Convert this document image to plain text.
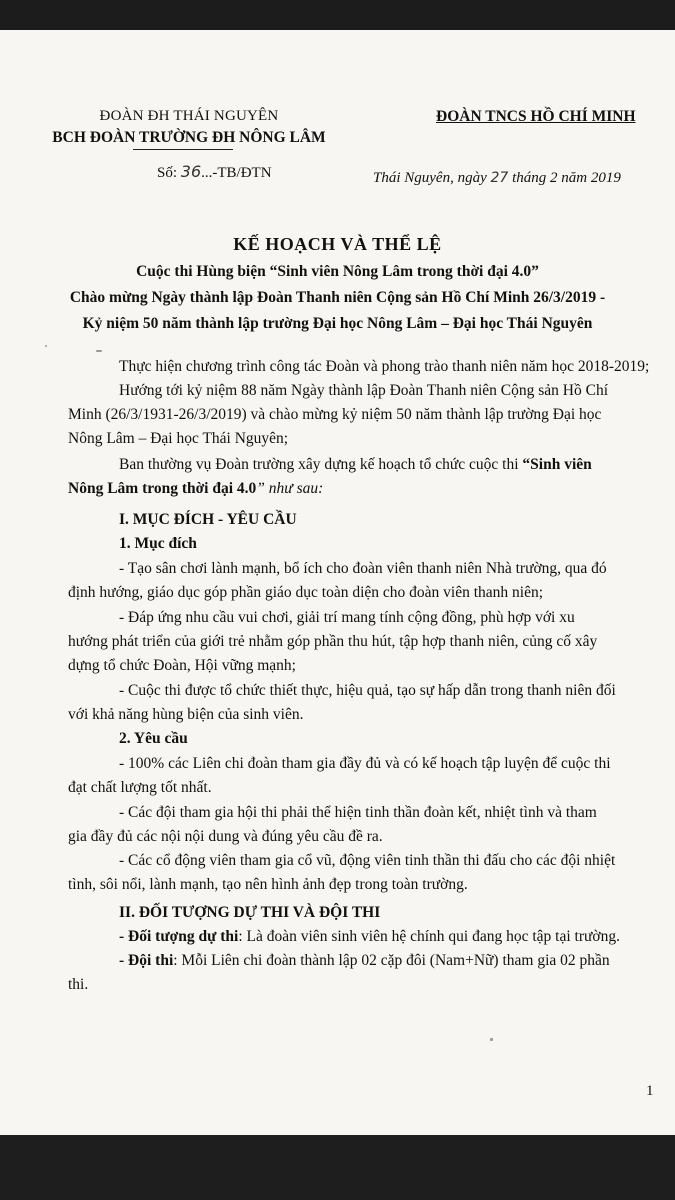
ĐOÀN ĐH THÁI NGUYÊN
BCH ĐOÀN TRƯỜNG ĐH NÔNG LÂM
ĐOÀN TNCS HỒ CHÍ MINH
Số: 36...-TB/ĐTN	Thái Nguyên, ngày 27 tháng 2 năm 2019
KẾ HOẠCH VÀ THỂ LỆ
Cuộc thi Hùng biện “Sinh viên Nông Lâm trong thời đại 4.0”
Chào mừng Ngày thành lập Đoàn Thanh niên Cộng sản Hồ Chí Minh 26/3/2019 -
Kỷ niệm 50 năm thành lập trường Đại học Nông Lâm – Đại học Thái Nguyên
Thực hiện chương trình công tác Đoàn và phong trào thanh niên năm học 2018-2019;
Hướng tới kỷ niệm 88 năm Ngày thành lập Đoàn Thanh niên Cộng sản Hồ Chí
Minh (26/3/1931-26/3/2019) và chào mừng kỷ niệm 50 năm thành lập trường Đại học
Nông Lâm – Đại học Thái Nguyên;
Ban thường vụ Đoàn trường xây dựng kế hoạch tổ chức cuộc thi “Sinh viên
Nông Lâm trong thời đại 4.0” như sau:
I. MỤC ĐÍCH - YÊU CẦU
1. Mục đích
- Tạo sân chơi lành mạnh, bổ ích cho đoàn viên thanh niên Nhà trường, qua đó
định hướng, giáo dục góp phần giáo dục toàn diện cho đoàn viên thanh niên;
- Đáp ứng nhu cầu vui chơi, giải trí mang tính cộng đồng, phù hợp với xu
hướng phát triển của giới trẻ nhằm góp phần thu hút, tập hợp thanh niên, củng cố xây
dựng tổ chức Đoàn, Hội vững mạnh;
- Cuộc thi được tổ chức thiết thực, hiệu quả, tạo sự hấp dẫn trong thanh niên đối
với khả năng hùng biện của sinh viên.
2. Yêu cầu
- 100% các Liên chi đoàn tham gia đầy đủ và có kế hoạch tập luyện để cuộc thi
đạt chất lượng tốt nhất.
- Các đội tham gia hội thi phải thể hiện tinh thần đoàn kết, nhiệt tình và tham
gia đầy đủ các nội nội dung và đúng yêu cầu đề ra.
- Các cổ động viên tham gia cổ vũ, động viên tinh thần thi đấu cho các đội nhiệt
tình, sôi nổi, lành mạnh, tạo nên hình ảnh đẹp trong toàn trường.
II. ĐỐI TƯỢNG DỰ THI VÀ ĐỘI THI
- Đối tượng dự thi: Là đoàn viên sinh viên hệ chính qui đang học tập tại trường.
- Đội thi: Mỗi Liên chi đoàn thành lập 02 cặp đôi (Nam+Nữ) tham gia 02 phần
thi.
1
